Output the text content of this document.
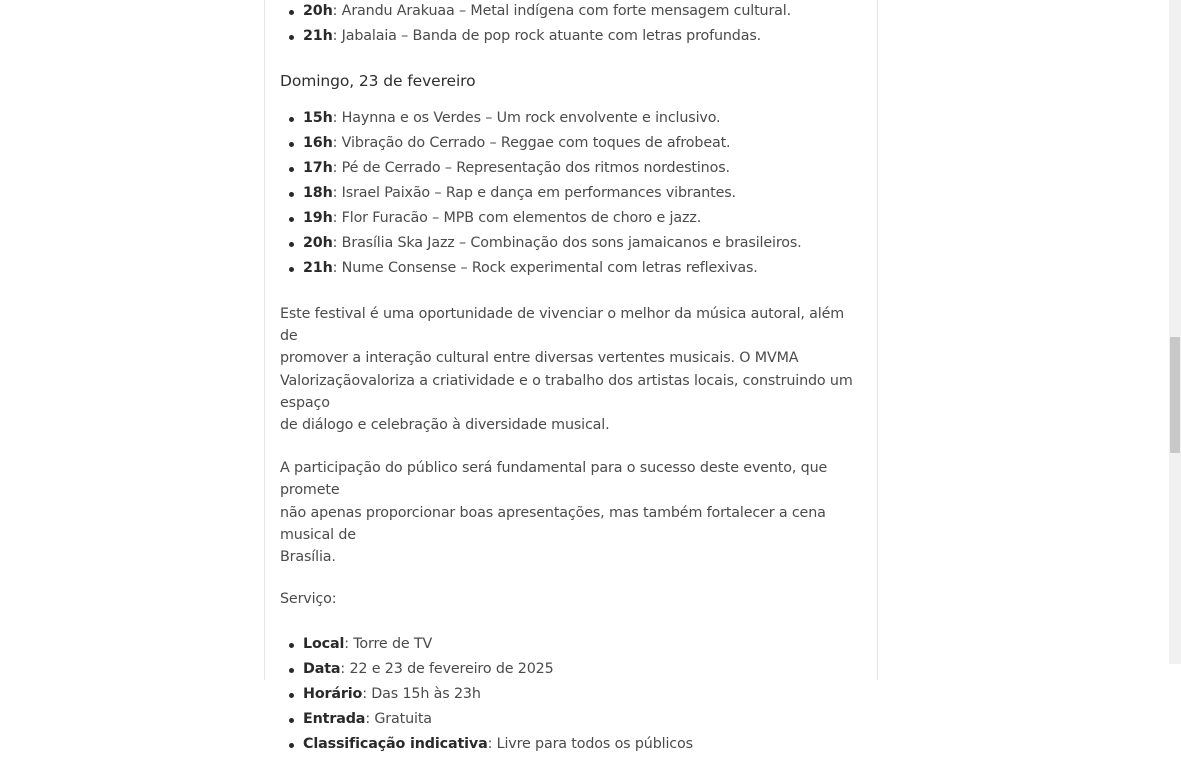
20h: Arandu Arakuaa – Metal indígena com forte mensagem cultural.
21h: Jabalaia – Banda de pop rock atuante com letras profundas.
Domingo, 23 de fevereiro
15h: Haynna e os Verdes – Um rock envolvente e inclusivo.
16h: Vibração do Cerrado – Reggae com toques de afrobeat.
17h: Pé de Cerrado – Representação dos ritmos nordestinos.
18h: Israel Paixão – Rap e dança em performances vibrantes.
19h: Flor Furacão – MPB com elementos de choro e jazz.
20h: Brasília Ska Jazz – Combinação dos sons jamaicanos e brasileiros.
21h: Nume Consense – Rock experimental com letras reflexivas.

Este festival é uma oportunidade de vivenciar o melhor da música autoral, além de
promover a interação cultural entre diversas vertentes musicais. O MVMA
Valorizaçãovaloriza a criatividade e o trabalho dos artistas locais, construindo um espaço
de diálogo e celebração à diversidade musical.

A participação do público será fundamental para o sucesso deste evento, que promete
não apenas proporcionar boas apresentações, mas também fortalecer a cena musical de
Brasília.

Serviço:

Local: Torre de TV
Data: 22 e 23 de fevereiro de 2025
Horário: Das 15h às 23h
Entrada: Gratuita
Classificação indicativa: Livre para todos os públicos
